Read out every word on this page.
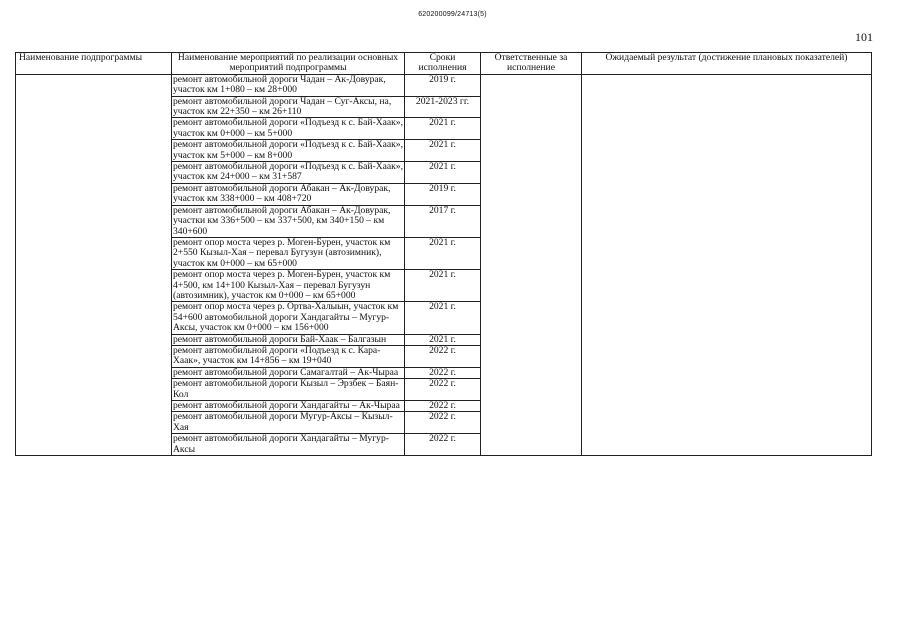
620200099/24713(5)
101
Наименование подпрограммы	Наименование мероприятий по реализации основных мероприятий подпрограммы	Сроки исполнения	Ответственные за исполнение	Ожидаемый результат (достижение плановых показателей)
	ремонт автомобильной дороги Чадан – Ак-Довурак, участок км 1+080 – км 28+000	2019 г.		
	ремонт автомобильной дороги Чадан – Суг-Аксы, на, участок км 22+350 – км 26+110	2021-2023 гг.		
	ремонт автомобильной дороги «Подъезд к с. Бай-Хаак», участок км 0+000 – км 5+000	2021 г.		
	ремонт автомобильной дороги «Подъезд к с. Бай-Хаак», участок км 5+000 – км 8+000	2021 г.		
	ремонт автомобильной дороги «Подъезд к с. Бай-Хаак», участок км 24+000 – км 31+587	2021 г.		
	ремонт автомобильной дороги Абакан – Ак-Довурак, участок км 338+000 – км 408+720	2019 г.		
	ремонт автомобильной дороги Абакан – Ак-Довурак, участки км 336+500 – км 337+500, км 340+150 – км 340+600	2017 г.		
	ремонт опор моста через р. Моген-Бурен, участок км 2+550 Кызыл-Хая – перевал Бугузун (автозимник), участок км 0+000 – км 65+000	2021 г.		
	ремонт опор моста через р. Моген-Бурен, участок км 4+500, км 14+100 Кызыл-Хая – перевал Бугузун (автозимник), участок км 0+000 – км 65+000	2021 г.		
	ремонт опор моста через р. Ортва-Халыын, участок км 54+600 автомобильной дороги Хандагайты – Мугур-Аксы, участок км 0+000 – км 156+000	2021 г.		
	ремонт автомобильной дороги Бай-Хаак – Балгазын	2021 г.		
	ремонт автомобильной дороги «Подъезд к с. Кара-Хаак», участок км 14+856 – км 19+040	2022 г.		
	ремонт автомобильной дороги Самагалтай – Ак-Чыраа	2022 г.		
	ремонт автомобильной дороги Кызыл – Эрзбек – Баян-Кол	2022 г.		
	ремонт автомобильной дороги Хандагайты – Ак-Чыраа	2022 г.		
	ремонт автомобильной дороги Мугур-Аксы – Кызыл-Хая	2022 г.		
	ремонт автомобильной дороги Хандагайты – Мугур-Аксы	2022 г.		
